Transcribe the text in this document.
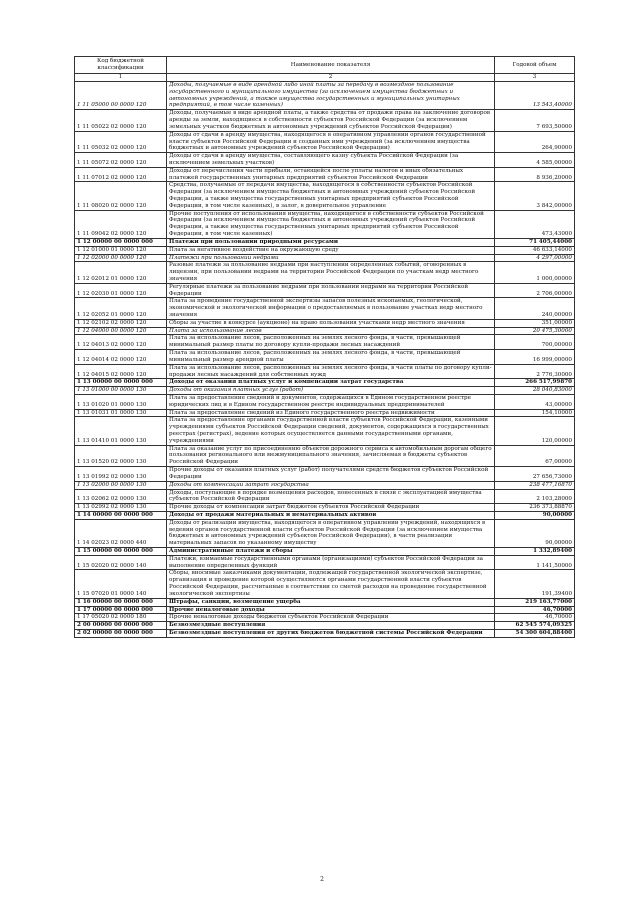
Код бюджетной классификации	Наименование показателя	Годовой объем
1	2	3
1 11 05000 00 0000 120	Доходы, получаемые в виде арендной либо иной платы за передачу в возмездное пользование государственного и муниципального имущества (за исключением имущества бюджетных и автономных учреждений, а также имущества государственных и муниципальных унитарных предприятий, в том числе казенных)	13 543,40000
1 11 05022 02 0000 120	Доходы, получаемые в виде арендной платы, а также средства от продажи права на заключение договоров аренды за земли, находящиеся в собственности субъектов Российской Федерации (за исключением земельных участков бюджетных и автономных учреждений субъектов Российской Федерации)	7 693,50000
1 11 05032 02 0000 120	Доходы от сдачи в аренду имущества, находящегося в оперативном управлении органов государственной власти субъектов Российской Федерации и созданных ими учреждений (за исключением имущества бюджетных и автономных учреждений субъектов Российской Федерации)	264,90000
1 11 05072 02 0000 120	Доходы от сдачи в аренду имущества, составляющего казну субъекта Российской Федерации (за исключением земельных участков)	4 585,00000
1 11 07012 02 0000 120	Доходы от перечисления части прибыли, остающейся после уплаты налогов и иных обязательных платежей государственных унитарных предприятий субъектов Российской Федерации	8 936,20000
1 11 08020 02 0000 120	Средства, получаемые от передачи имущества, находящегося в собственности субъектов Российской Федерации (за исключением имущества бюджетных и автономных учреждений субъектов Российской Федерации, а также имущества государственных унитарных предприятий субъектов Российской Федерации, в том числе казенных), в залог, в доверительное управление	3 842,00000
1 11 09042 02 0000 120	Прочие поступления от использования имущества, находящегося в собственности субъектов Российской Федерации (за исключением имущества бюджетных и автономных учреждений субъектов Российской Федерации, а также имущества государственных унитарных предприятий субъектов Российской Федерации, в том числе казенных)	473,43000
1 12 00000 00 0000 000	Платежи при пользовании природными ресурсами	71 405,44000
1 12 01000 01 0000 120	Плата за негативное воздействие на окружающую среду	46 633,14000
1 12 02000 00 0000 120	Платежи при пользовании недрами	4 297,00000
1 12 02012 01 0000 120	Разовые платежи за пользование недрами при наступлении определенных событий, оговоренных в лицензии, при пользовании недрами на территории Российской Федерации по участкам недр местного значения	1 000,00000
1 12 02030 01 0000 120	Регулярные платежи за пользование недрами при пользовании недрами на территории Российской Федерации	2 706,00000
1 12 02052 01 0000 120	Плата за проведение государственной экспертизы запасов полезных ископаемых, геологической, экономической и экологической информации о предоставляемых в пользование участках недр местного значения	240,00000
1 12 02102 02 0000 120	Сборы за участие в конкурсе (аукционе) на право пользования участками недр местного значения	351,00000
1 12 04000 00 0000 120	Плата за использование лесов	20 475,30000
1 12 04013 02 0000 120	Плата за использование лесов, расположенных на землях лесного фонда, в части, превышающей минимальный размер платы по договору купли-продажи лесных насаждений	700,00000
1 12 04014 02 0000 120	Плата за использование лесов, расположенных на землях лесного фонда, в части, превышающей минимальный размер арендной платы	16 999,00000
1 12 04015 02 0000 120	Плата за использование лесов, расположенных на землях лесного фонда, в части платы по договору купли-продажи лесных насаждений для собственных нужд	2 776,30000
1 13 00000 00 0000 000	Доходы от оказания платных услуг и компенсации затрат государства	266 517,99870
1 13 01000 00 0000 130	Доходы от оказания платных услуг (работ)	28 040,83000
1 13 01020 01 0000 130	Плата за предоставление сведений и документов, содержащихся в Едином государственном реестре юридических лиц и в Едином государственном реестре индивидуальных предпринимателей	43,00000
1 13 01031 01 0000 130	Плата за предоставление сведений из Единого государственного реестра недвижимости	154,10000
1 13 01410 01 0000 130	Плата за предоставление органами государственной власти субъектов Российской Федерации, казенными учреждениями субъектов Российской Федерации сведений, документов, содержащихся в государственных реестрах (регистрах), ведение которых осуществляется данными государственными органами, учреждениями	120,00000
1 13 01520 02 0000 130	Плата за оказание услуг по присоединению объектов дорожного сервиса к автомобильным дорогам общего пользования регионального или межмуниципального значения, зачисляемая в бюджеты субъектов Российской Федерации	67,00000
1 13 01992 02 0000 130	Прочие доходы от оказания платных услуг (работ) получателями средств бюджетов субъектов Российской Федерации	27 656,73000
1 13 02000 00 0000 130	Доходы от компенсации затрат государства	238 477,16870
1 13 02062 02 0000 130	Доходы, поступающие в порядке возмещения расходов, понесенных в связи с эксплуатацией имущества субъектов Российской Федерации	2 103,28000
1 13 02992 02 0000 130	Прочие доходы от компенсации затрат бюджетов субъектов Российской Федерации	236 373,88870
1 14 00000 00 0000 000	Доходы от продажи материальных и нематериальных активов	90,00000
1 14 02023 02 0000 440	Доходы от реализации имущества, находящегося в оперативном управлении учреждений, находящихся в ведении органов государственной власти субъектов Российской Федерации (за исключением имущества бюджетных и автономных учреждений субъектов Российской Федерации), в части реализации материальных запасов по указанному имуществу	90,00000
1 15 00000 00 0000 000	Административные платежи и сборы	1 332,89400
1 15 02020 02 0000 140	Платежи, взимаемые государственными органами (организациями) субъектов Российской Федерации за выполнение определенных функций	1 141,50000
1 15 07020 01 0000 140	Сборы, вносимые заказчиками документации, подлежащей государственной экологической экспертизе, организация и проведение которой осуществляются органами государственной власти субъектов Российской Федерации, рассчитанные в соответствии со сметой расходов на проведение государственной экологической экспертизы	191,39400
1 16 00000 00 0000 000	Штрафы, санкции, возмещение ущерба	219 163,77000
1 17 00000 00 0000 000	Прочие неналоговые доходы	46,70000
1 17 05020 02 0000 180	Прочие неналоговые доходы бюджетов субъектов Российской Федерации	46,70000
2 00 00000 00 0000 000	Безвозмездные поступления	62 545 574,09325
2 02 00000 00 0000 000	Безвозмездные поступления от других бюджетов бюджетной системы Российской Федерации	54 300 604,88400
2
